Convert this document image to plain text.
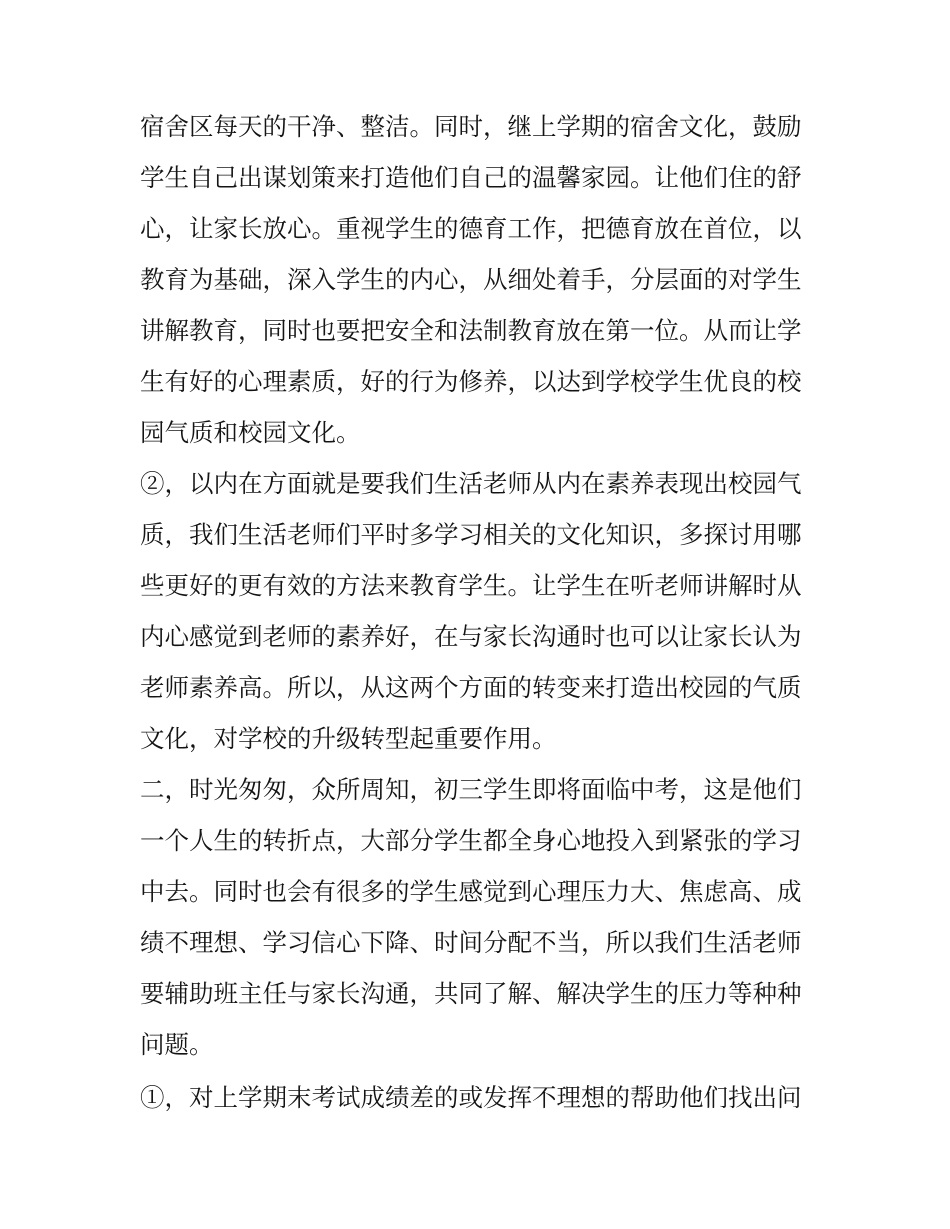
宿舍区每天的干净、整洁。同时，继上学期的宿舍文化，鼓励
学生自己出谋划策来打造他们自己的温馨家园。让他们住的舒
心，让家长放心。重视学生的德育工作，把德育放在首位，以
教育为基础，深入学生的内心，从细处着手，分层面的对学生
讲解教育，同时也要把安全和法制教育放在第一位。从而让学
生有好的心理素质，好的行为修养，以达到学校学生优良的校
园气质和校园文化。
②，以内在方面就是要我们生活老师从内在素养表现出校园气
质，我们生活老师们平时多学习相关的文化知识，多探讨用哪
些更好的更有效的方法来教育学生。让学生在听老师讲解时从
内心感觉到老师的素养好，在与家长沟通时也可以让家长认为
老师素养高。所以，从这两个方面的转变来打造出校园的气质
文化，对学校的升级转型起重要作用。
二，时光匆匆，众所周知，初三学生即将面临中考，这是他们
一个人生的转折点，大部分学生都全身心地投入到紧张的学习
中去。同时也会有很多的学生感觉到心理压力大、焦虑高、成
绩不理想、学习信心下降、时间分配不当，所以我们生活老师
要辅助班主任与家长沟通，共同了解、解决学生的压力等种种
问题。
①，对上学期末考试成绩差的或发挥不理想的帮助他们找出问
